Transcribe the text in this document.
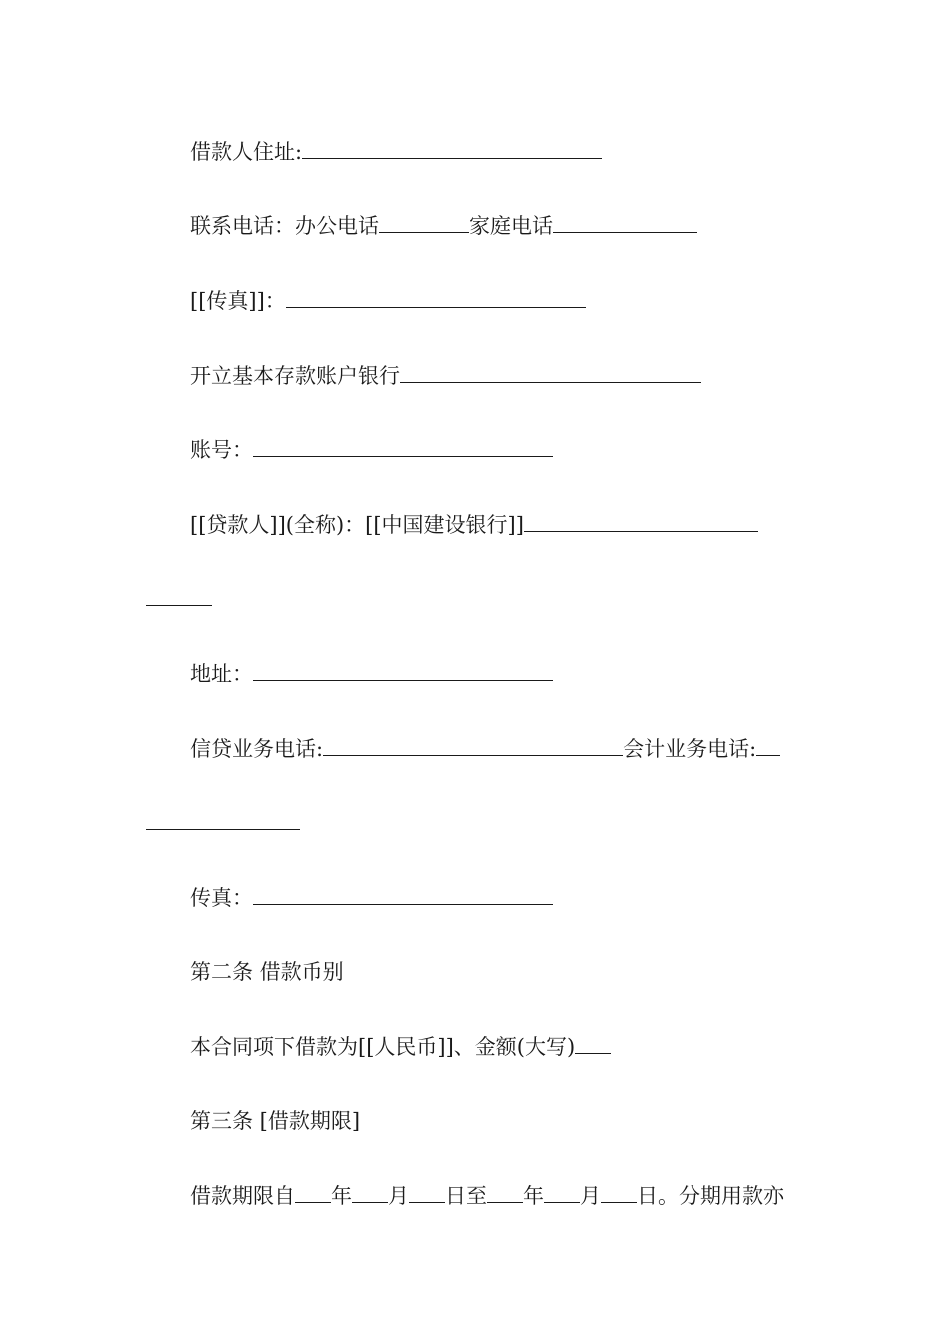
借款人住址:
联系电话：办公电话	家庭电话
[[传真]]：
开立基本存款账户银行
账号：
[[贷款人]](全称)：[[中国建设银行]]
地址：
信贷业务电话:	会计业务电话:
传真：
第二条 借款币别
本合同项下借款为[[人民币]]、金额(大写)
第三条 [借款期限]
借款期限自 年 月 日至 年 月 日。分期用款亦
